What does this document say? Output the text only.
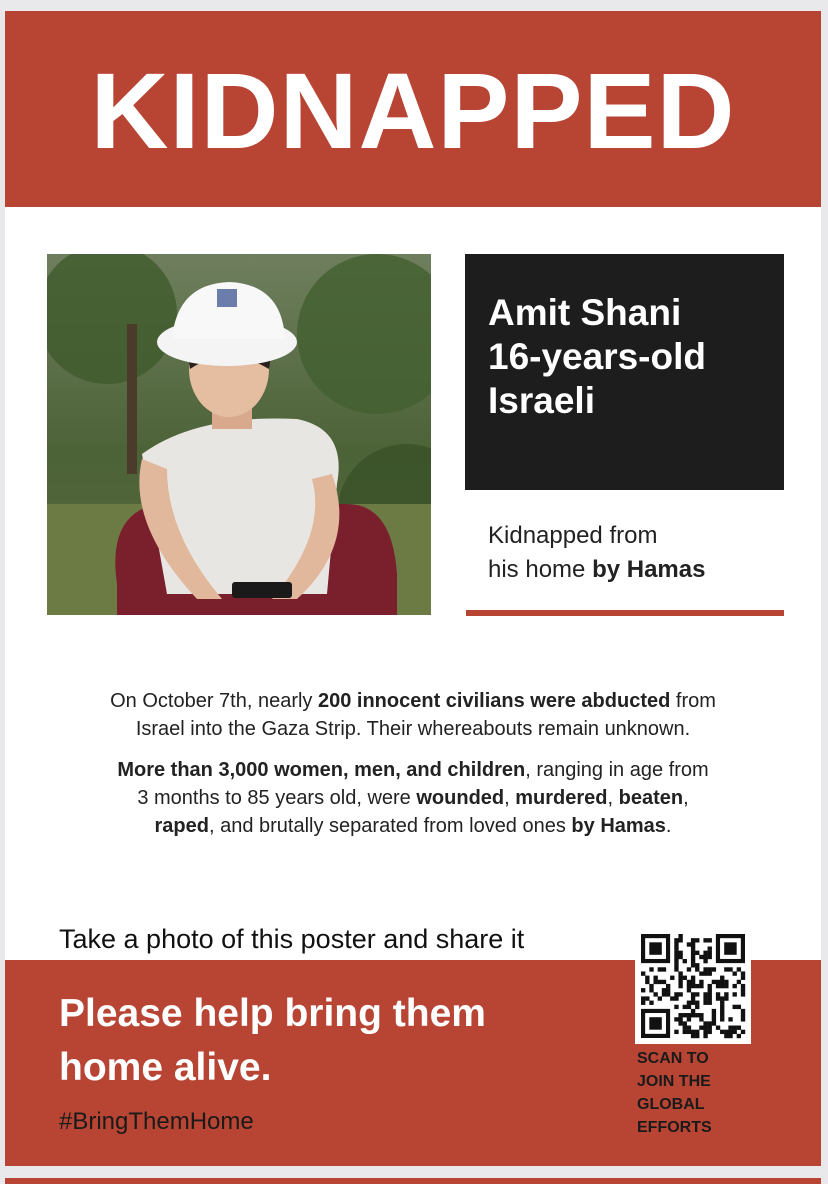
KIDNAPPED
Amit Shani
16-years-old
Israeli
Kidnapped from
his home by Hamas
On October 7th, nearly 200 innocent civilians were abducted from
Israel into the Gaza Strip. Their whereabouts remain unknown.
More than 3,000 women, men, and children, ranging in age from
3 months to 85 years old, were wounded, murdered, beaten,
raped, and brutally separated from loved ones by Hamas.
Take a photo of this poster and share it
Please help bring them
home alive.
#BringThemHome
SCAN TO
JOIN THE
GLOBAL
EFFORTS
